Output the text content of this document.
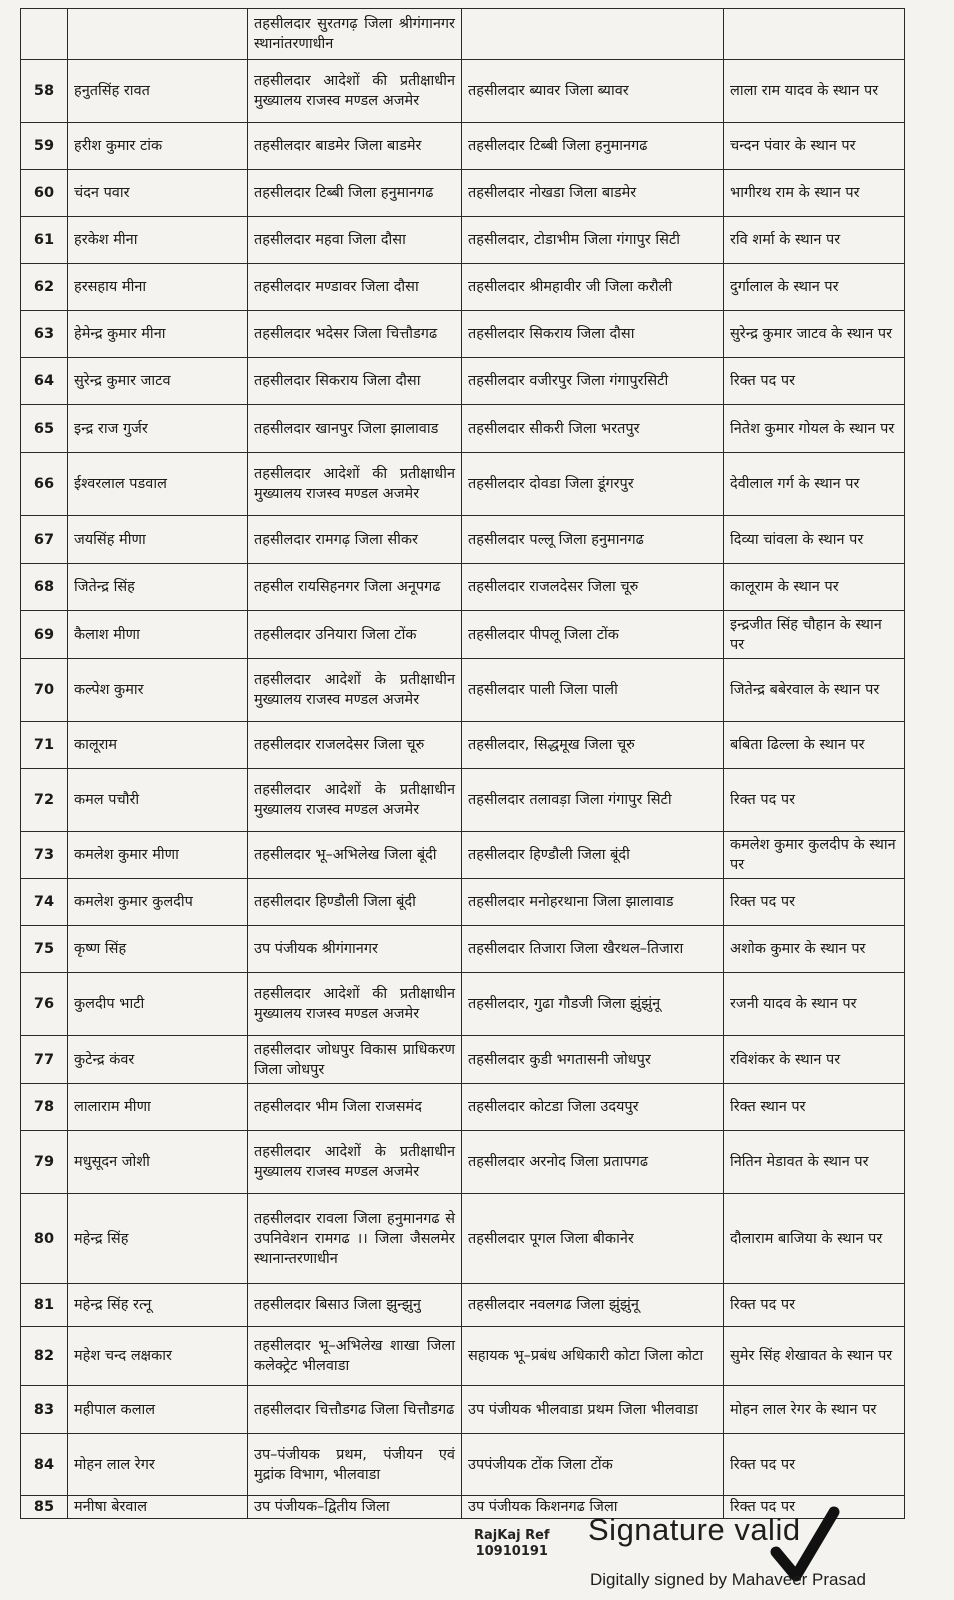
		तहसीलदार सुरतगढ़ जिला श्रीगंगानगर स्थानांतरणाधीन		
58	हनुतसिंह रावत	तहसीलदार आदेशों की प्रतीक्षाधीन मुख्यालय राजस्व मण्डल अजमेर	तहसीलदार ब्यावर जिला ब्यावर	लाला राम यादव के स्थान पर
59	हरीश कुमार टांक	तहसीलदार बाडमेर जिला बाडमेर	तहसीलदार टिब्बी जिला हनुमानगढ	चन्दन पंवार के स्थान पर
60	चंदन पवार	तहसीलदार टिब्बी जिला हनुमानगढ	तहसीलदार नोखडा जिला बाडमेर	भागीरथ राम के स्थान पर
61	हरकेश मीना	तहसीलदार महवा जिला दौसा	तहसीलदार, टोडाभीम जिला गंगापुर सिटी	रवि शर्मा के स्थान पर
62	हरसहाय मीना	तहसीलदार मण्डावर जिला दौसा	तहसीलदार श्रीमहावीर जी जिला करौली	दुर्गालाल के स्थान पर
63	हेमेन्द्र कुमार मीना	तहसीलदार भदेसर जिला चित्तौडगढ	तहसीलदार सिकराय जिला दौसा	सुरेन्द्र कुमार जाटव के स्थान पर
64	सुरेन्द्र कुमार जाटव	तहसीलदार सिकराय जिला दौसा	तहसीलदार वजीरपुर जिला गंगापुरसिटी	रिक्त पद पर
65	इन्द्र राज गुर्जर	तहसीलदार खानपुर जिला झालावाड	तहसीलदार सीकरी जिला भरतपुर	नितेश कुमार गोयल के स्थान पर
66	ईश्वरलाल पडवाल	तहसीलदार आदेशों की प्रतीक्षाधीन मुख्यालय राजस्व मण्डल अजमेर	तहसीलदार दोवडा जिला डूंगरपुर	देवीलाल गर्ग के स्थान पर
67	जयसिंह मीणा	तहसीलदार रामगढ़ जिला सीकर	तहसीलदार पल्लू जिला हनुमानगढ	दिव्या चांवला के स्थान पर
68	जितेन्द्र सिंह	तहसील रायसिहनगर जिला अनूपगढ	तहसीलदार राजलदेसर जिला चूरु	कालूराम के स्थान पर
69	कैलाश मीणा	तहसीलदार उनियारा जिला टोंक	तहसीलदार पीपलू जिला टोंक	इन्द्रजीत सिंह चौहान के स्थान पर
70	कल्पेश कुमार	तहसीलदार आदेशों के प्रतीक्षाधीन मुख्यालय राजस्व मण्डल अजमेर	तहसीलदार पाली जिला पाली	जितेन्द्र बबेरवाल के स्थान पर
71	कालूराम	तहसीलदार राजलदेसर जिला चूरु	तहसीलदार, सिद्धमूख जिला चूरु	बबिता ढिल्ला के स्थान पर
72	कमल पचौरी	तहसीलदार आदेशों के प्रतीक्षाधीन मुख्यालय राजस्व मण्डल अजमेर	तहसीलदार तलावड़ा जिला गंगापुर सिटी	रिक्त पद पर
73	कमलेश कुमार मीणा	तहसीलदार भू–अभिलेख जिला बूंदी	तहसीलदार हिण्डौली जिला बूंदी	कमलेश कुमार कुलदीप के स्थान पर
74	कमलेश कुमार कुलदीप	तहसीलदार हिण्डौली जिला बूंदी	तहसीलदार मनोहरथाना जिला झालावाड	रिक्त पद पर
75	कृष्ण सिंह	उप पंजीयक श्रीगंगानगर	तहसीलदार तिजारा जिला खैरथल–तिजारा	अशोक कुमार के स्थान पर
76	कुलदीप भाटी	तहसीलदार आदेशों की प्रतीक्षाधीन मुख्यालय राजस्व मण्डल अजमेर	तहसीलदार, गुढा गौडजी जिला झुंझुंनू	रजनी यादव के स्थान पर
77	कुटेन्द्र कंवर	तहसीलदार जोधपुर विकास प्राधिकरण जिला जोधपुर	तहसीलदार कुडी भगतासनी जोधपुर	रविशंकर के स्थान पर
78	लालाराम मीणा	तहसीलदार भीम जिला राजसमंद	तहसीलदार कोटडा जिला उदयपुर	रिक्त स्थान पर
79	मधुसूदन जोशी	तहसीलदार आदेशों के प्रतीक्षाधीन मुख्यालय राजस्व मण्डल अजमेर	तहसीलदार अरनोद जिला प्रतापगढ	नितिन मेडावत के स्थान पर
80	महेन्द्र सिंह	तहसीलदार रावला जिला हनुमानगढ से उपनिवेशन रामगढ ।। जिला जैसलमेर स्थानान्तरणाधीन	तहसीलदार पूगल जिला बीकानेर	दौलाराम बाजिया के स्थान पर
81	महेन्द्र सिंह रत्नू	तहसीलदार बिसाउ जिला झुन्झुनु	तहसीलदार नवलगढ जिला झुंझुंनू	रिक्त पद पर
82	महेश चन्द लक्षकार	तहसीलदार भू–अभिलेख शाखा जिला कलेक्ट्रेट भीलवाडा	सहायक भू–प्रबंध अधिकारी कोटा जिला कोटा	सुमेर सिंह शेखावत के स्थान पर
83	महीपाल कलाल	तहसीलदार चित्तौडगढ जिला चित्तौडगढ	उप पंजीयक भीलवाडा प्रथम जिला भीलवाडा	मोहन लाल रेगर के स्थान पर
84	मोहन लाल रेगर	उप–पंजीयक प्रथम, पंजीयन एवं मुद्रांक विभाग, भीलवाडा	उपपंजीयक टोंक जिला टोंक	रिक्त पद पर
85	मनीषा बेरवाल	उप पंजीयक–द्वितीय जिला	उप पंजीयक किशनगढ जिला	रिक्त पद पर
RajKaj Ref
10910191
Signature valid
Digitally signed by Mahaveer Prasad
